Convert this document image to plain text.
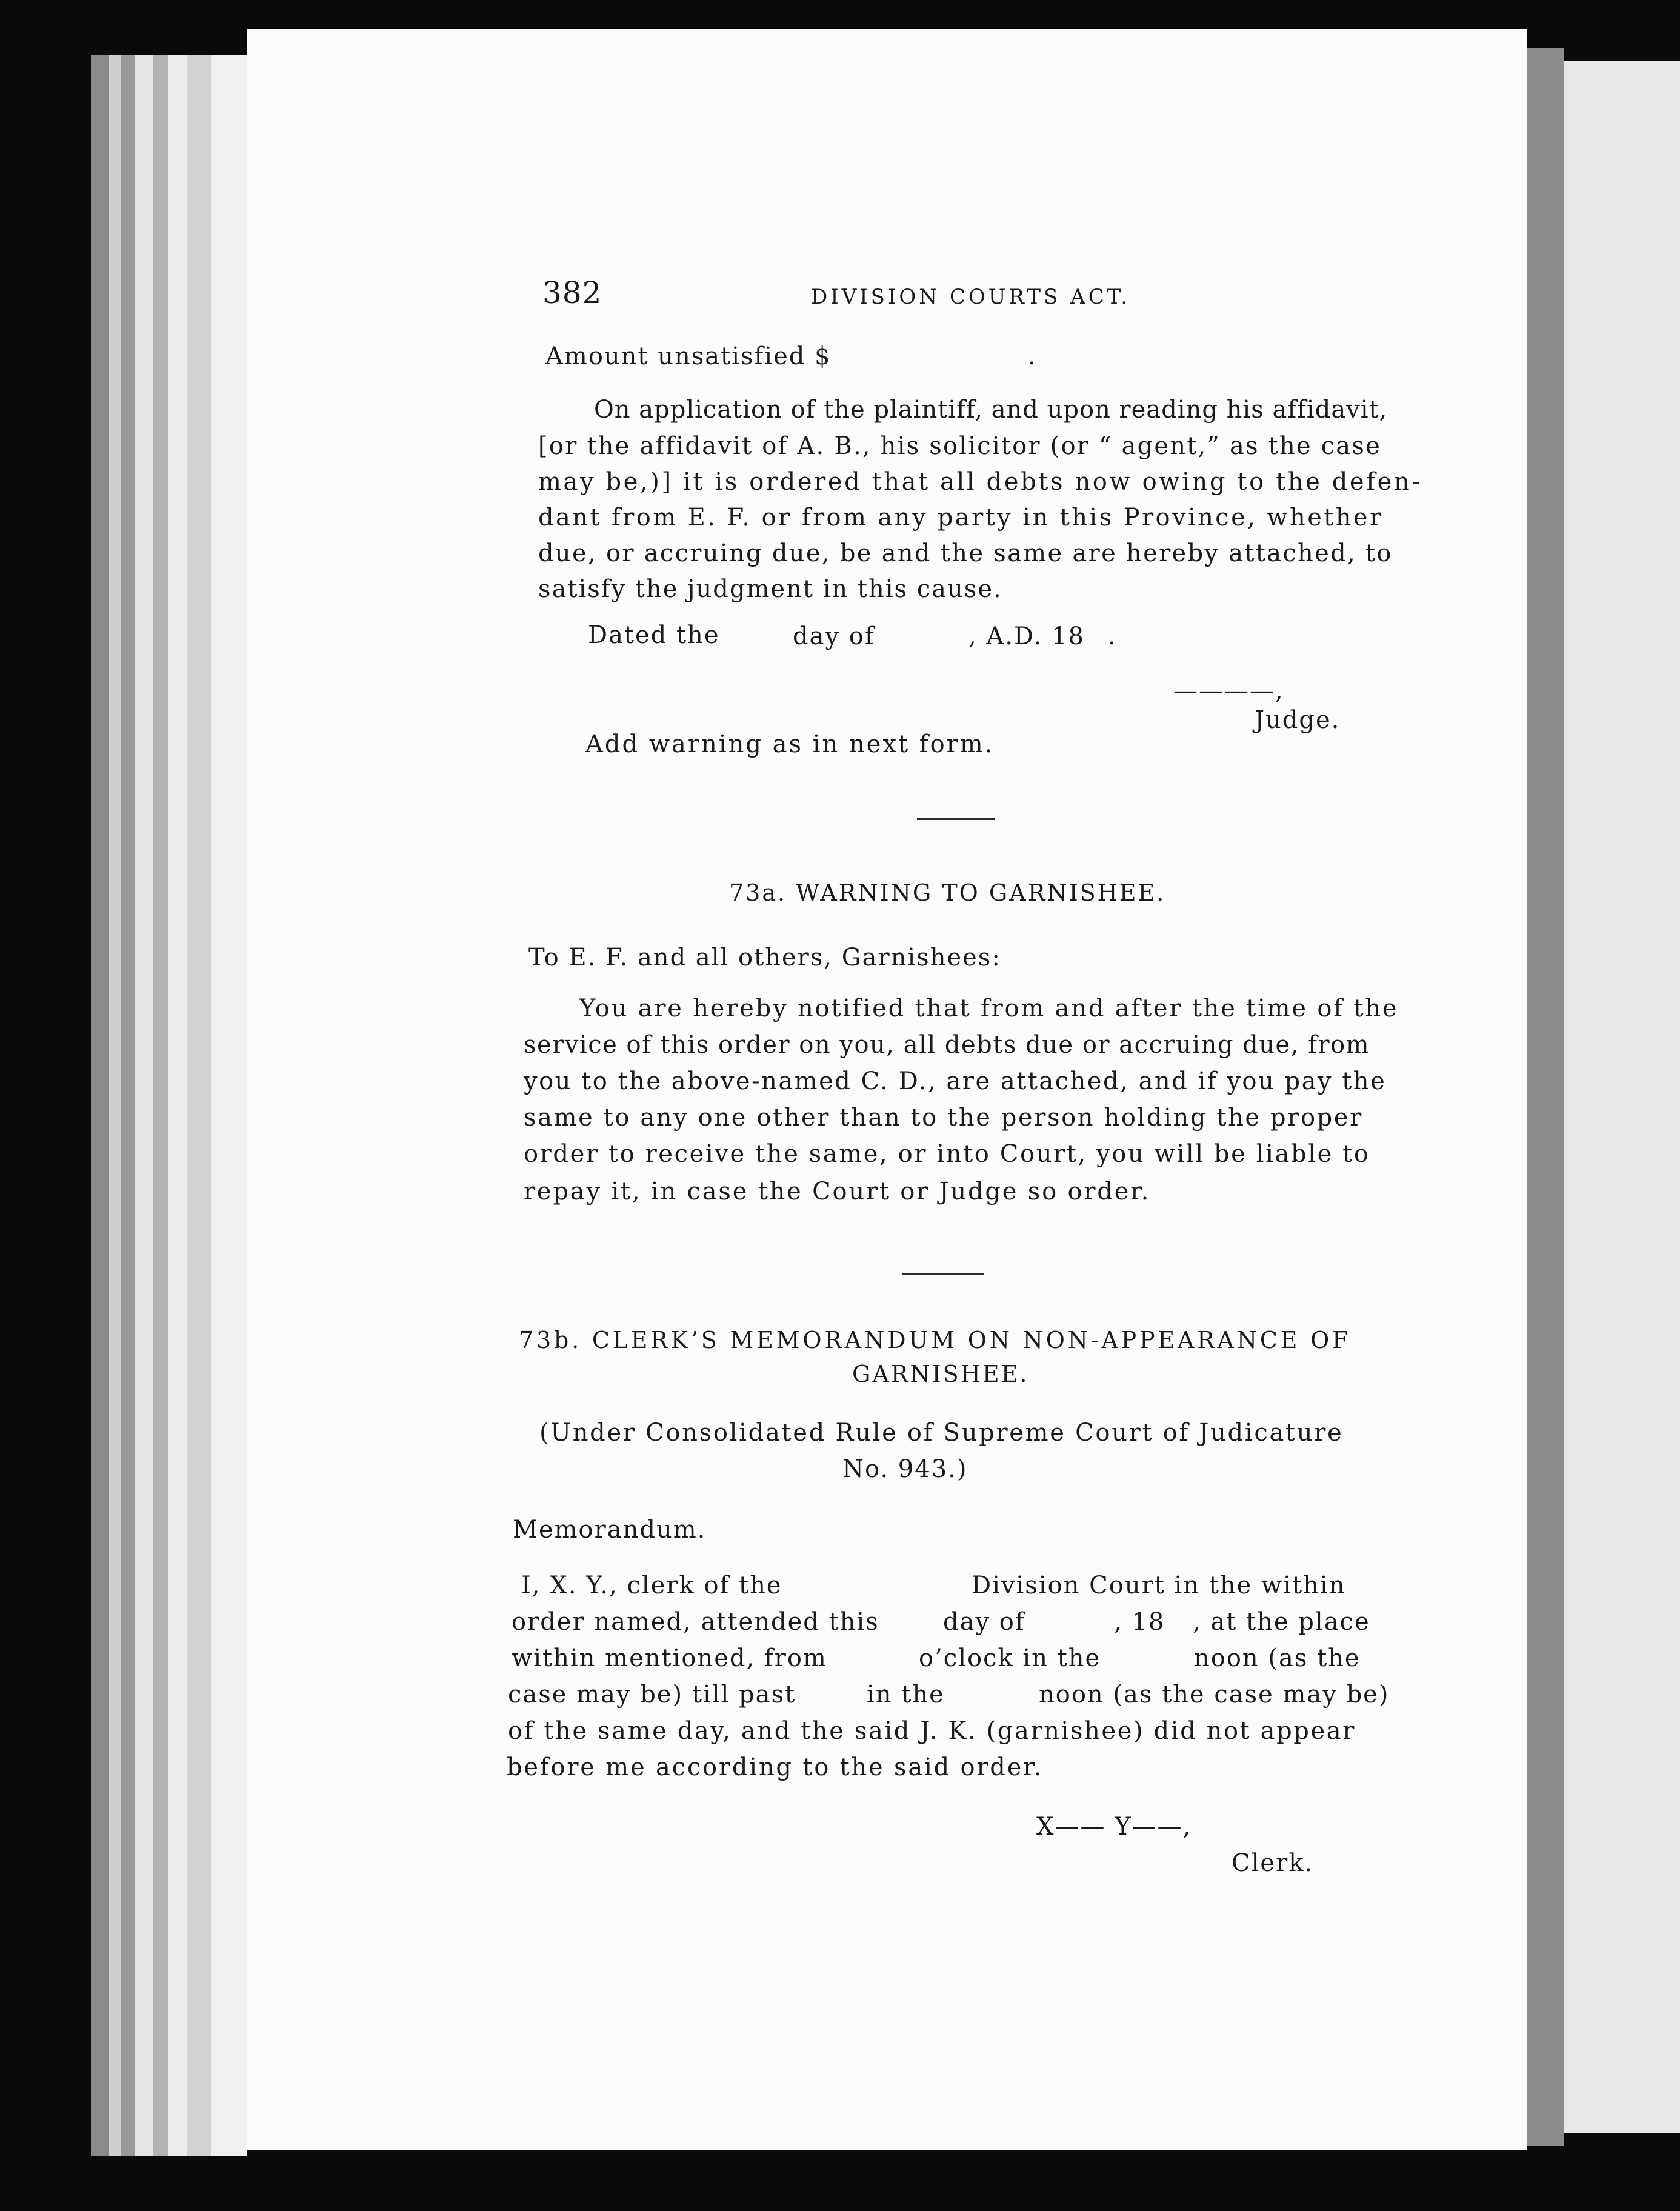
382	DIVISION COURTS ACT.
Amount unsatisfied $	.
On application of the plaintiff, and upon reading his affidavit,
[or the affidavit of A. B., his solicitor (or “ agent,” as the case
may be,)] it is ordered that all debts now owing to the defen-
dant from E. F. or from any party in this Province, whether
due, or accruing due, be and the same are hereby attached, to
satisfy the judgment in this cause.
Dated the	day of	, A.D. 18 .
————,
Judge.
Add warning as in next form.
73a. WARNING TO GARNISHEE.
To E. F. and all others, Garnishees:
You are hereby notified that from and after the time of the
service of this order on you, all debts due or accruing due, from
you to the above-named C. D., are attached, and if you pay the
same to any one other than to the person holding the proper
order to receive the same, or into Court, you will be liable to
repay it, in case the Court or Judge so order.
73b. CLERK’S MEMORANDUM ON NON-APPEARANCE OF
GARNISHEE.
(Under Consolidated Rule of Supreme Court of Judicature
No. 943.)
Memorandum.
I, X. Y., clerk of the	Division Court in the within
order named, attended this	day of	, 18 , at the place
within mentioned, from	o’clock in the	noon (as the
case may be) till past	in the	noon (as the case may be)
of the same day, and the said J. K. (garnishee) did not appear
before me according to the said order.
X—— Y——,
Clerk.
